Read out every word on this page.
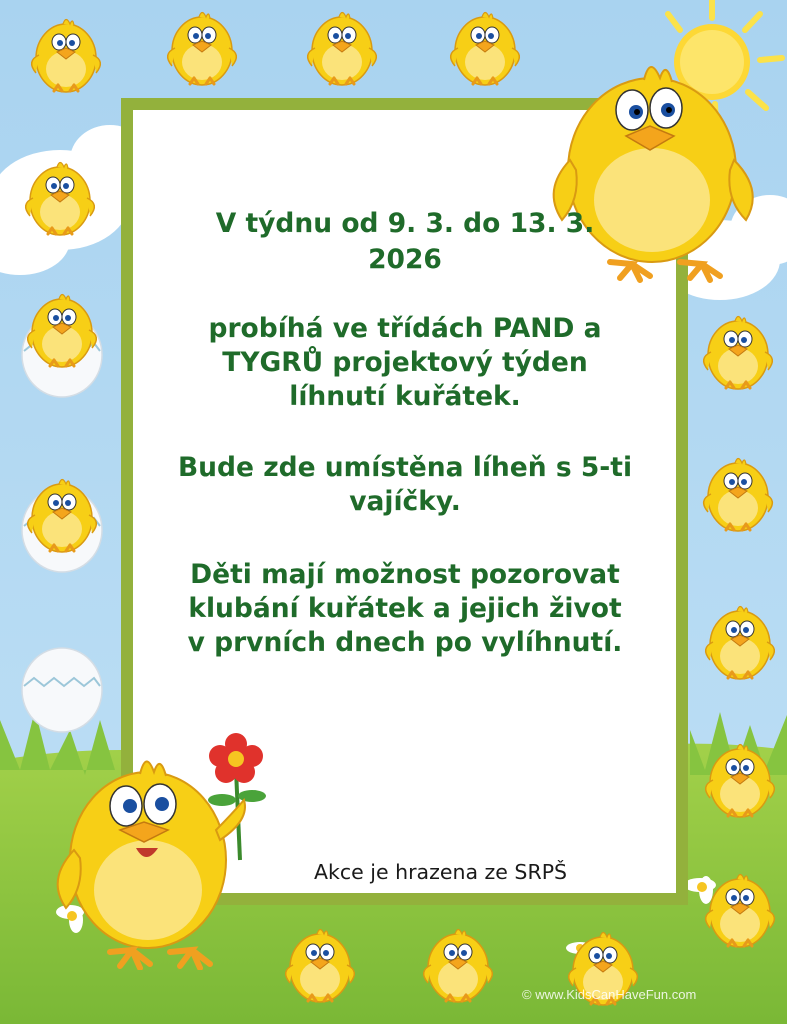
V týdnu od 9. 3. do 13. 3.

2026

probíhá ve třídách PAND a

TYGRŮ projektový týden

líhnutí kuřátek.

Bude zde umístěna líheň s 5-ti

vajíčky.

Děti mají možnost pozorovat

klubání kuřátek a jejich život

v prvních dnech po vylíhnutí.

Akce je hrazena ze SRPŠ

© www.KidsCanHaveFun.com
